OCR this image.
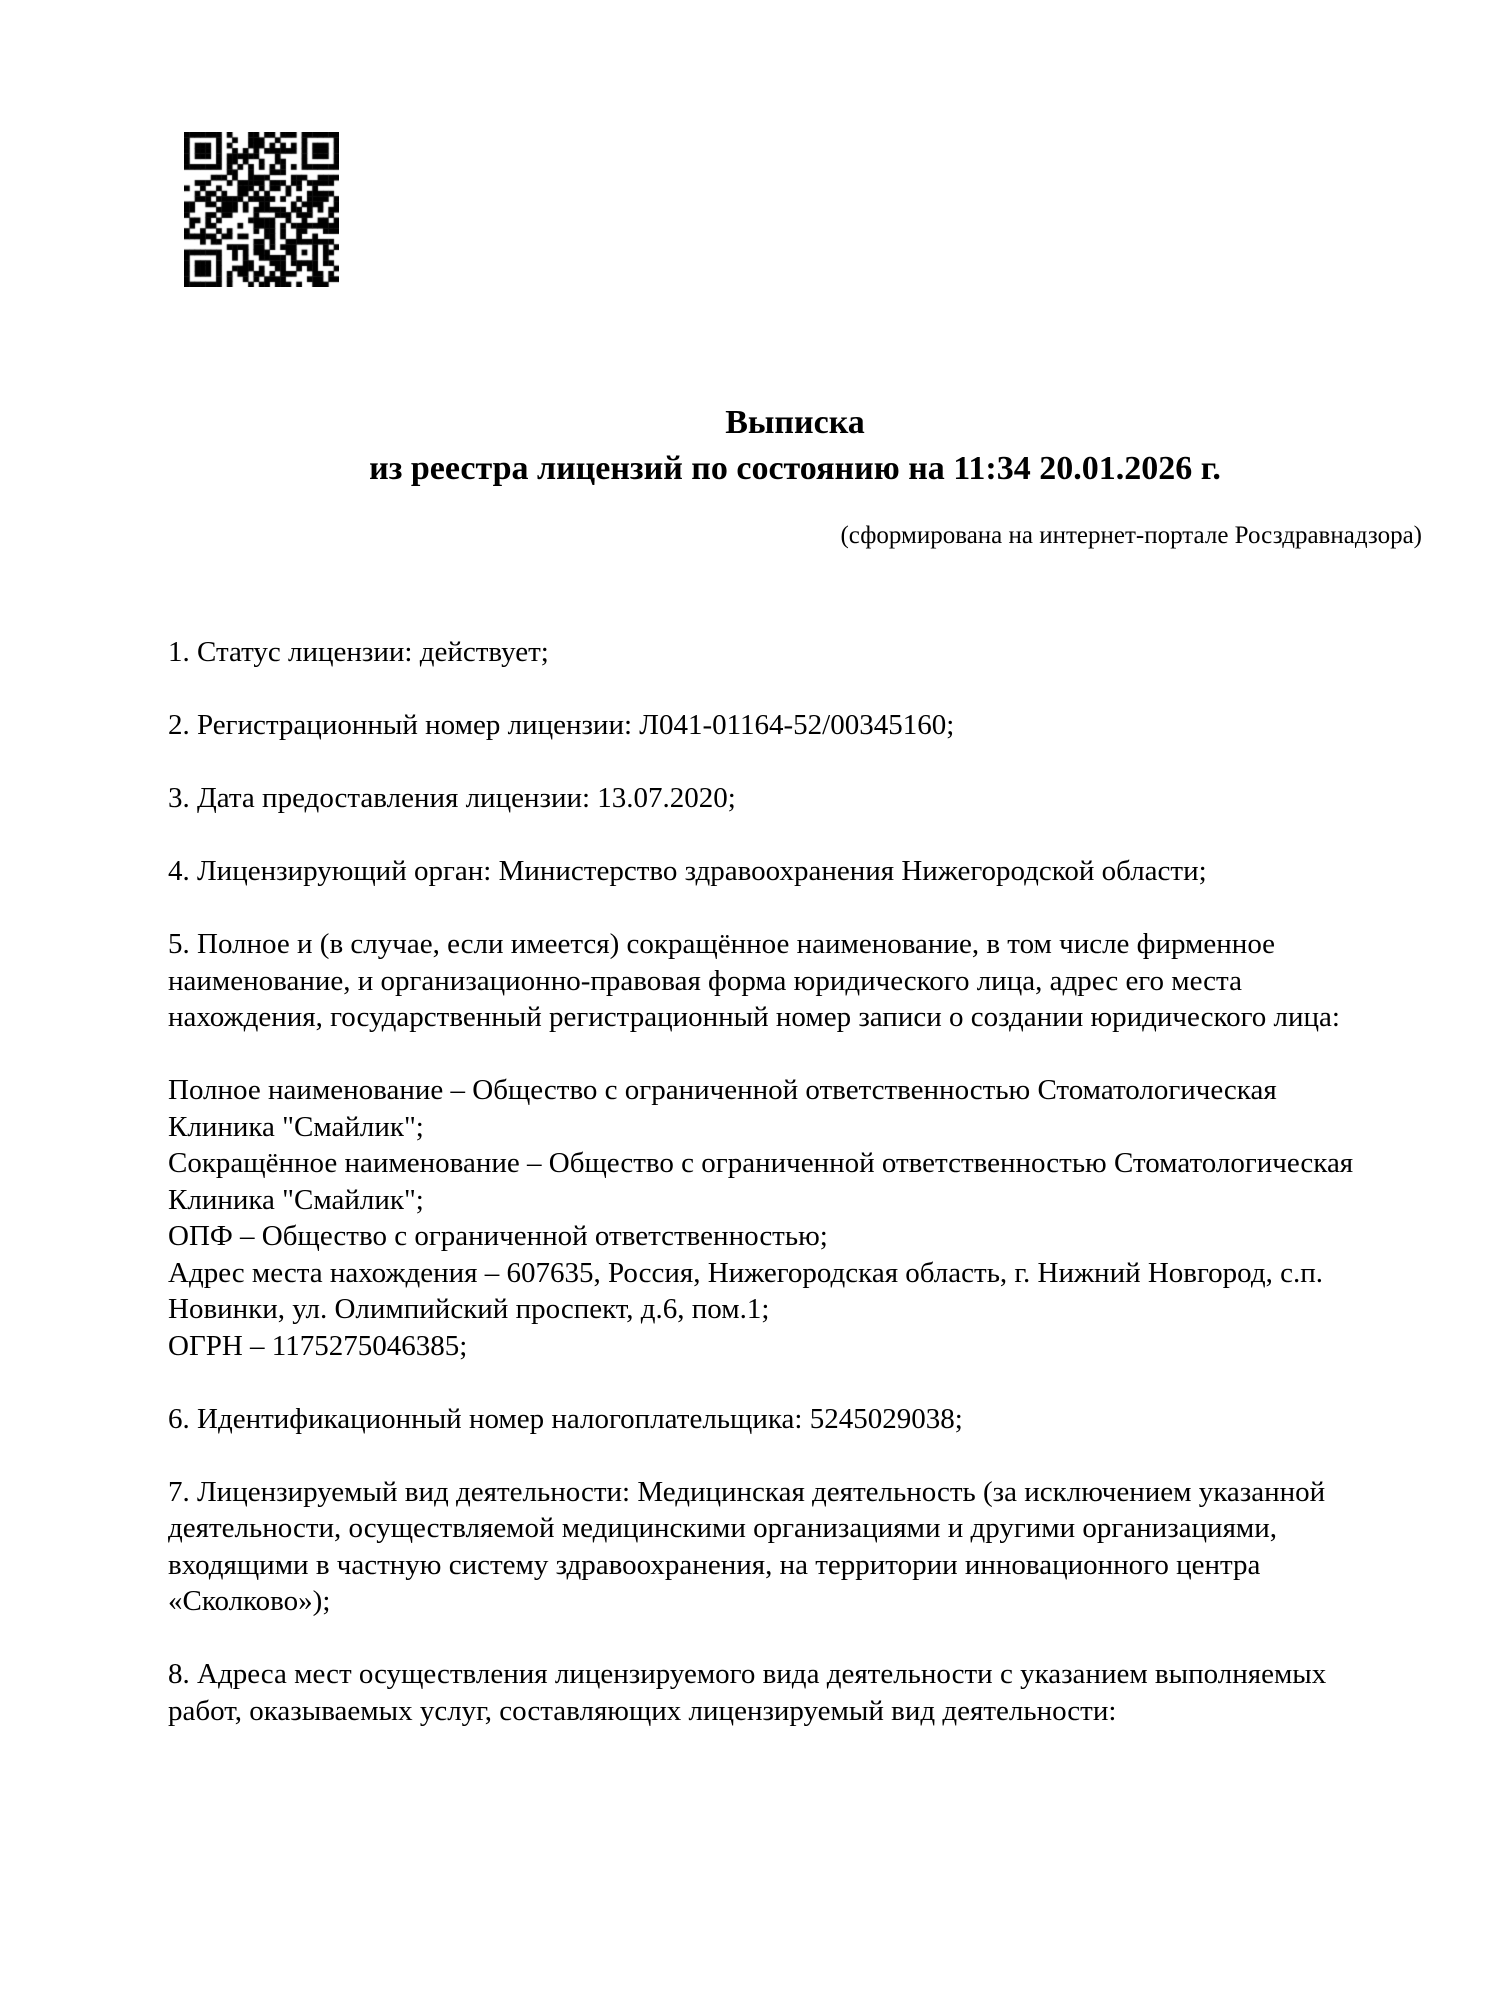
Выписка
из реестра лицензий по состоянию на 11:34 20.01.2026 г.
(сформирована на интернет-портале Росздравнадзора)
1. Статус лицензии: действует;
2. Регистрационный номер лицензии: Л041-01164-52/00345160;
3. Дата предоставления лицензии: 13.07.2020;
4. Лицензирующий орган: Министерство здравоохранения Нижегородской области;
5. Полное и (в случае, если имеется) сокращённое наименование, в том числе фирменное
наименование, и организационно-правовая форма юридического лица, адрес его места
нахождения, государственный регистрационный номер записи о создании юридического лица:
Полное наименование – Общество с ограниченной ответственностью Стоматологическая
Клиника "Смайлик";
Сокращённое наименование – Общество с ограниченной ответственностью Стоматологическая
Клиника "Смайлик";
ОПФ – Общество с ограниченной ответственностью;
Адрес места нахождения – 607635, Россия, Нижегородская область, г. Нижний Новгород, с.п.
Новинки, ул. Олимпийский проспект, д.6, пом.1;
ОГРН – 1175275046385;
6. Идентификационный номер налогоплательщика: 5245029038;
7. Лицензируемый вид деятельности: Медицинская деятельность (за исключением указанной
деятельности, осуществляемой медицинскими организациями и другими организациями,
входящими в частную систему здравоохранения, на территории инновационного центра
«Сколково»);
8. Адреса мест осуществления лицензируемого вида деятельности с указанием выполняемых
работ, оказываемых услуг, составляющих лицензируемый вид деятельности:
